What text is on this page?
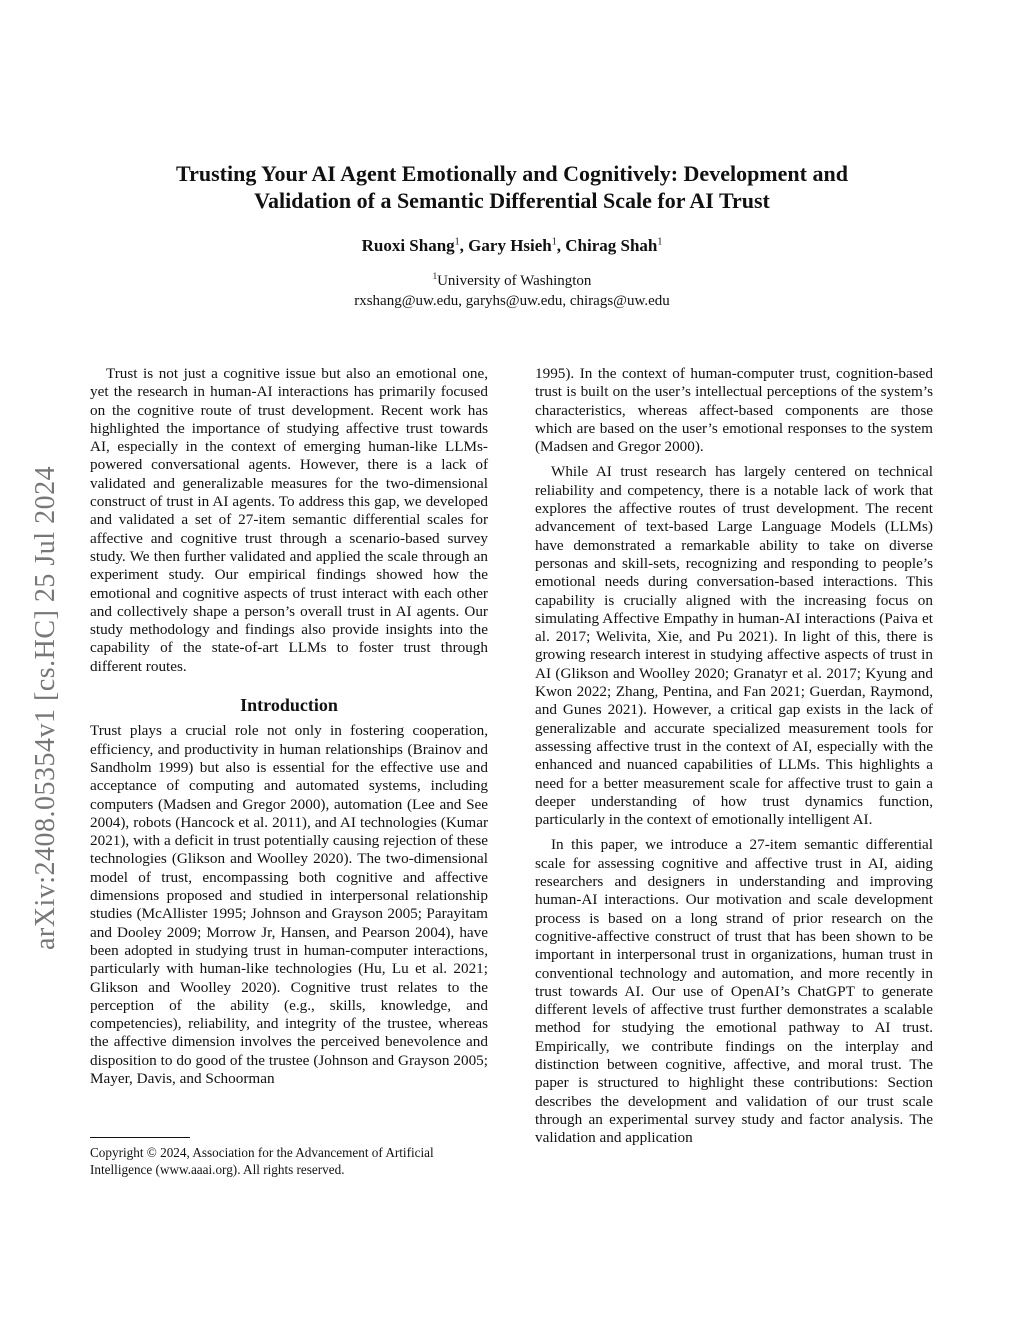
arXiv:2408.05354v1 [cs.HC] 25 Jul 2024
Trusting Your AI Agent Emotionally and Cognitively: Development and
Validation of a Semantic Differential Scale for AI Trust
Ruoxi Shang$^1$, Gary Hsieh$^1$, Chirag Shah$^1$
$^1$University of Washington
rxshang@uw.edu, garyhs@uw.edu, chirags@uw.edu

Trust is not just a cognitive issue but also an emotional one, yet the research in human-AI interactions has primarily focused on the cognitive route of trust development. Recent work has highlighted the importance of studying affective trust towards AI, especially in the context of emerging human-like LLMs-powered conversational agents. However, there is a lack of validated and generalizable measures for the two-dimensional construct of trust in AI agents. To address this gap, we developed and validated a set of 27-item semantic differential scales for affective and cognitive trust through a scenario-based survey study. We then further validated and applied the scale through an experiment study. Our empirical findings showed how the emotional and cognitive aspects of trust interact with each other and collectively shape a person’s overall trust in AI agents. Our study methodology and findings also provide insights into the capability of the state-of-art LLMs to foster trust through different routes.

Introduction

Trust plays a crucial role not only in fostering cooperation, efficiency, and productivity in human relationships (Brainov and Sandholm 1999) but also is essential for the effective use and acceptance of computing and automated systems, including computers (Madsen and Gregor 2000), automation (Lee and See 2004), robots (Hancock et al. 2011), and AI technologies (Kumar 2021), with a deficit in trust potentially causing rejection of these technologies (Glikson and Woolley 2020). The two-dimensional model of trust, encompassing both cognitive and affective dimensions proposed and studied in interpersonal relationship studies (McAllister 1995; Johnson and Grayson 2005; Parayitam and Dooley 2009; Morrow Jr, Hansen, and Pearson 2004), have been adopted in studying trust in human-computer interactions, particularly with human-like technologies (Hu, Lu et al. 2021; Glikson and Woolley 2020). Cognitive trust relates to the perception of the ability (e.g., skills, knowledge, and competencies), reliability, and integrity of the trustee, whereas the affective dimension involves the perceived benevolence and disposition to do good of the trustee (Johnson and Grayson 2005; Mayer, Davis, and Schoorman

1995). In the context of human-computer trust, cognition-based trust is built on the user’s intellectual perceptions of the system’s characteristics, whereas affect-based components are those which are based on the user’s emotional responses to the system (Madsen and Gregor 2000).

While AI trust research has largely centered on technical reliability and competency, there is a notable lack of work that explores the affective routes of trust development. The recent advancement of text-based Large Language Models (LLMs) have demonstrated a remarkable ability to take on diverse personas and skill-sets, recognizing and responding to people’s emotional needs during conversation-based interactions. This capability is crucially aligned with the increasing focus on simulating Affective Empathy in human-AI interactions (Paiva et al. 2017; Welivita, Xie, and Pu 2021). In light of this, there is growing research interest in studying affective aspects of trust in AI (Glikson and Woolley 2020; Granatyr et al. 2017; Kyung and Kwon 2022; Zhang, Pentina, and Fan 2021; Guerdan, Raymond, and Gunes 2021). However, a critical gap exists in the lack of generalizable and accurate specialized measurement tools for assessing affective trust in the context of AI, especially with the enhanced and nuanced capabilities of LLMs. This highlights a need for a better measurement scale for affective trust to gain a deeper understanding of how trust dynamics function, particularly in the context of emotionally intelligent AI.

In this paper, we introduce a 27-item semantic differential scale for assessing cognitive and affective trust in AI, aiding researchers and designers in understanding and improving human-AI interactions. Our motivation and scale development process is based on a long strand of prior research on the cognitive-affective construct of trust that has been shown to be important in interpersonal trust in organizations, human trust in conventional technology and automation, and more recently in trust towards AI. Our use of OpenAI’s ChatGPT to generate different levels of affective trust further demonstrates a scalable method for studying the emotional pathway to AI trust. Empirically, we contribute findings on the interplay and distinction between cognitive, affective, and moral trust. The paper is structured to highlight these contributions: Section describes the development and validation of our trust scale through an experimental survey study and factor analysis. The validation and application

Copyright © 2024, Association for the Advancement of Artificial Intelligence (www.aaai.org). All rights reserved.
